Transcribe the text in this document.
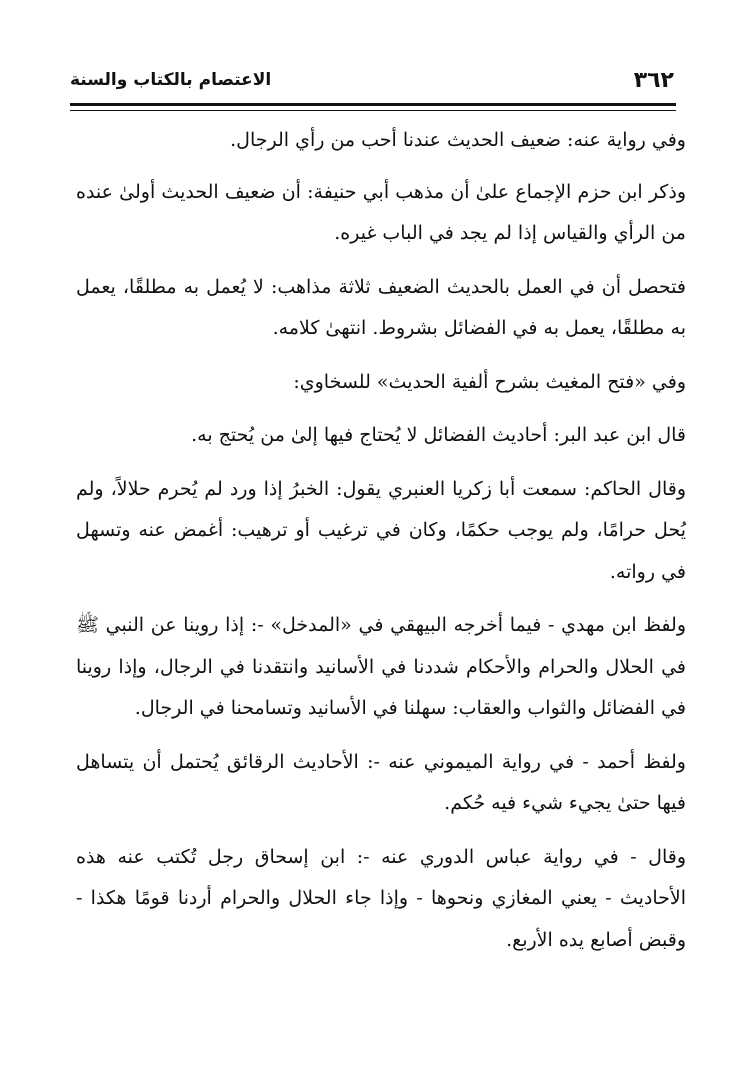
٣٦٢
الاعتصام بالكتاب والسنة

وفي رواية عنه: ضعيف الحديث عندنا أحب من رأي الرجال.

وذكر ابن حزم الإجماع علىٰ أن مذهب أبي حنيفة: أن ضعيف الحديث أولىٰ عنده من الرأي والقياس إذا لم يجد في الباب غيره.

فتحصل أن في العمل بالحديث الضعيف ثلاثة مذاهب: لا يُعمل به مطلقًا، يعمل به مطلقًا، يعمل به في الفضائل بشروط. انتهىٰ كلامه.

وفي «فتح المغيث بشرح ألفية الحديث» للسخاوي:

قال ابن عبد البر: أحاديث الفضائل لا يُحتاج فيها إلىٰ من يُحتج به.

وقال الحاكم: سمعت أبا زكريا العنبري يقول: الخبرُ إذا ورد لم يُحرم حلالاً، ولم يُحل حرامًا، ولم يوجب حكمًا، وكان في ترغيب أو ترهيب: أغمض عنه وتسهل في رواته.

ولفظ ابن مهدي - فيما أخرجه البيهقي في «المدخل» -: إذا روينا عن النبي ﷺ في الحلال والحرام والأحكام شددنا في الأسانيد وانتقدنا في الرجال، وإذا روينا في الفضائل والثواب والعقاب: سهلنا في الأسانيد وتسامحنا في الرجال.

ولفظ أحمد - في رواية الميموني عنه -: الأحاديث الرقائق يُحتمل أن يتساهل فيها حتىٰ يجيء شيء فيه حُكم.

وقال - في رواية عباس الدوري عنه -: ابن إسحاق رجل تُكتب عنه هذه الأحاديث - يعني المغازي ونحوها - وإذا جاء الحلال والحرام أردنا قومًا هكذا - وقبض أصابع يده الأربع.
